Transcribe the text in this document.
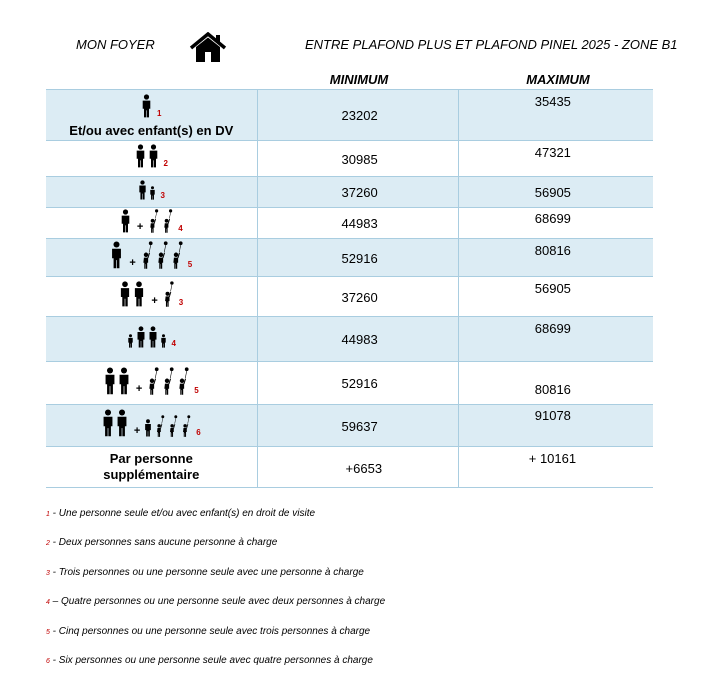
MON FOYER	ENTRE PLAFOND PLUS ET PLAFOND PINEL 2025 - ZONE B1
MINIMUM	MAXIMUM
1
Et/ou avec enfant(s) en DV	23202	35435

2	30985	47321

3	37260	56905

+ 4	44983	68699

+ 5	52916	80816

+ 3	37260	56905

4	44983	68699

+ 5	52916	80816

+ 6	59637	91078

Par personne
supplémentaire	+6653	+ 10161
1 - Une personne seule et/ou avec enfant(s) en droit de visite
2 - Deux personnes sans aucune personne à charge
3 - Trois personnes ou une personne seule avec une personne à charge
4 – Quatre personnes ou une personne seule avec deux personnes à charge
5 - Cinq personnes ou une personne seule avec trois personnes à charge
6 - Six personnes ou une personne seule avec quatre personnes à charge
